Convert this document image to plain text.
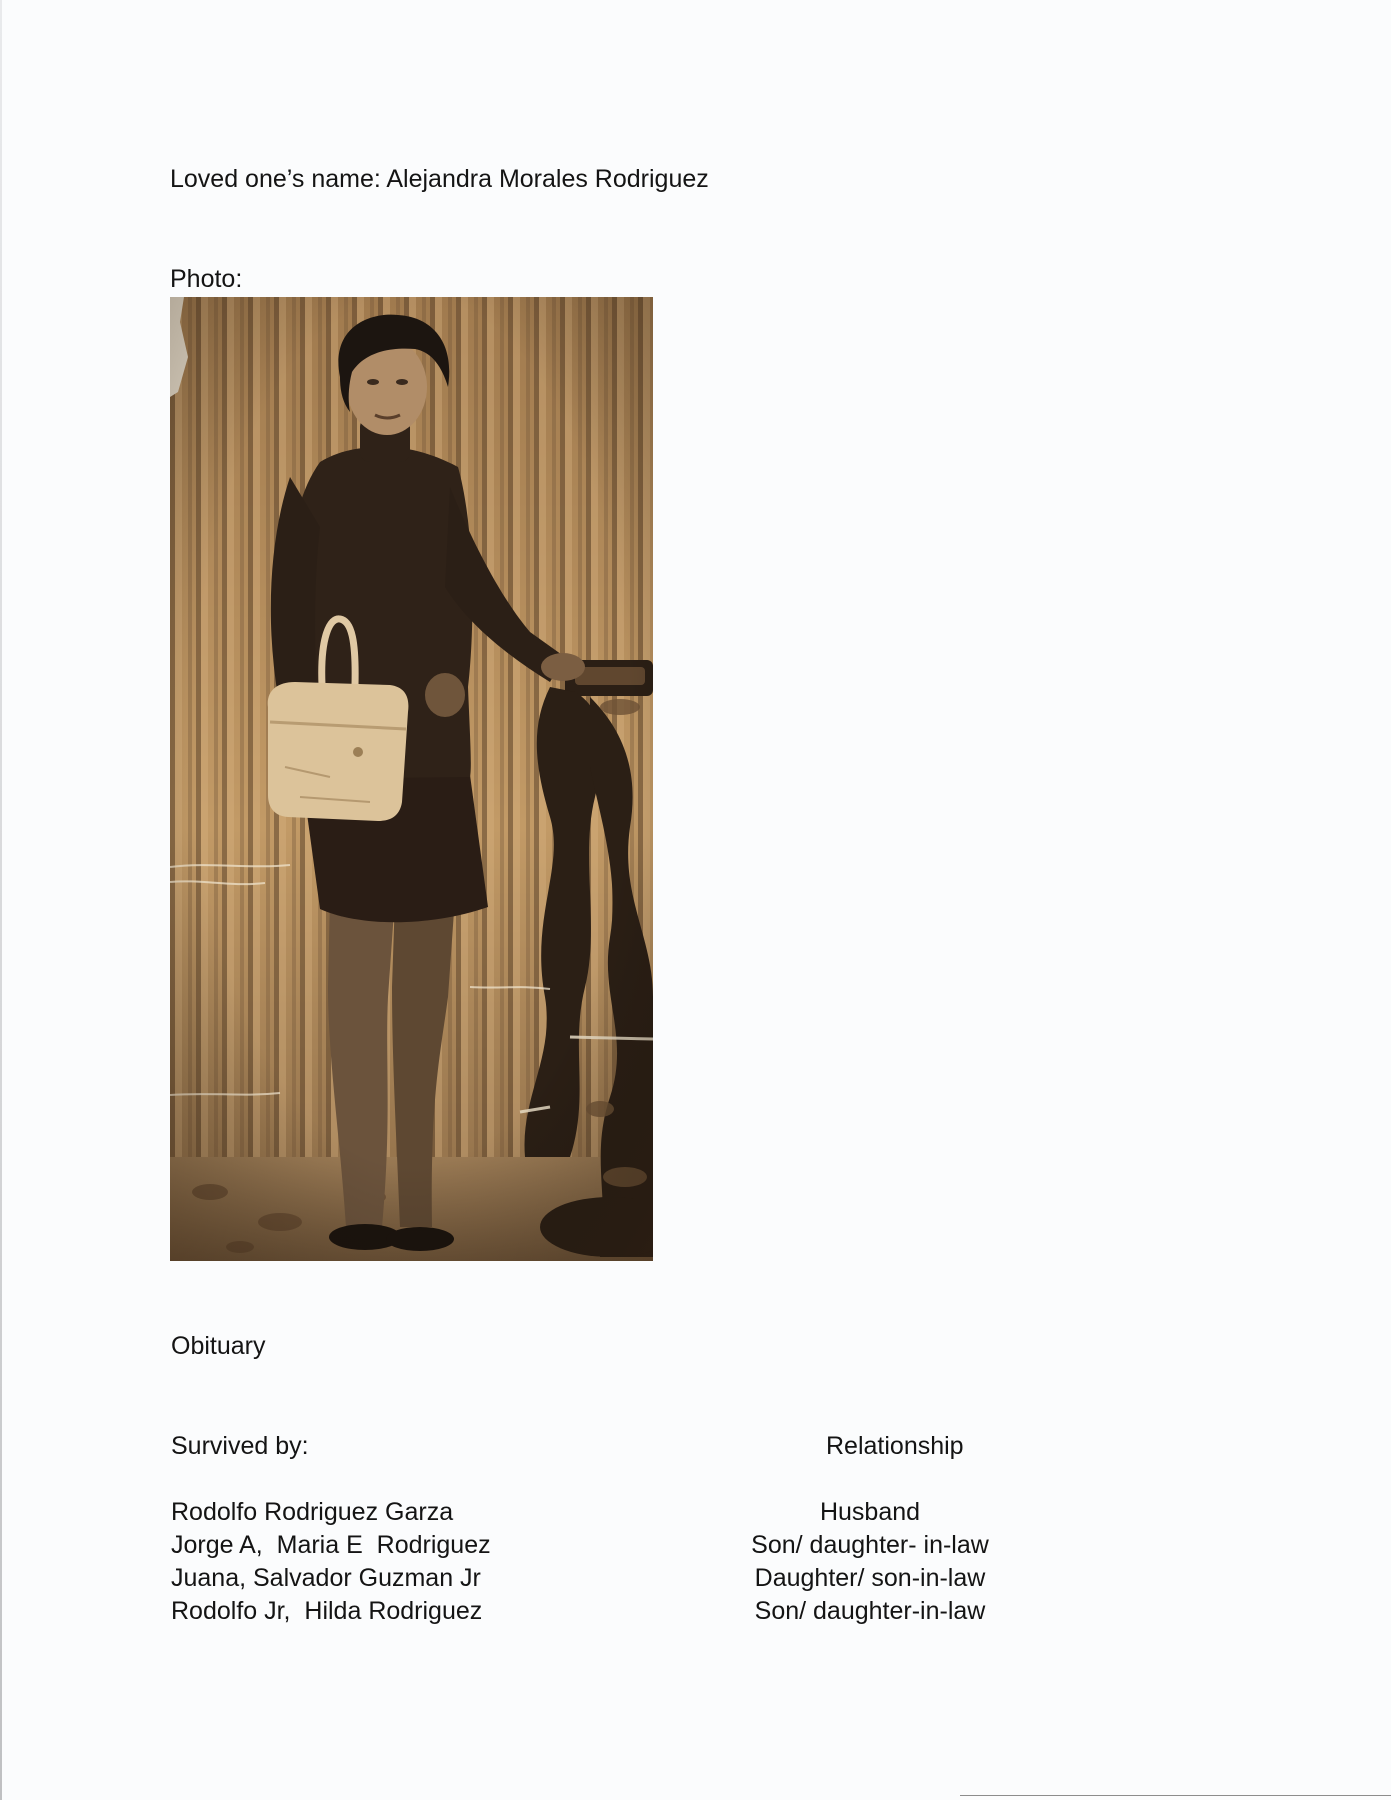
Loved one’s name: Alejandra Morales Rodriguez
Photo:
Obituary
Survived by:	Relationship
Rodolfo Rodriguez Garza
Jorge A,  Maria E  Rodriguez
Juana, Salvador Guzman Jr
Rodolfo Jr,  Hilda Rodriguez
Husband
Son/ daughter- in-law
Daughter/ son-in-law
Son/ daughter-in-law
